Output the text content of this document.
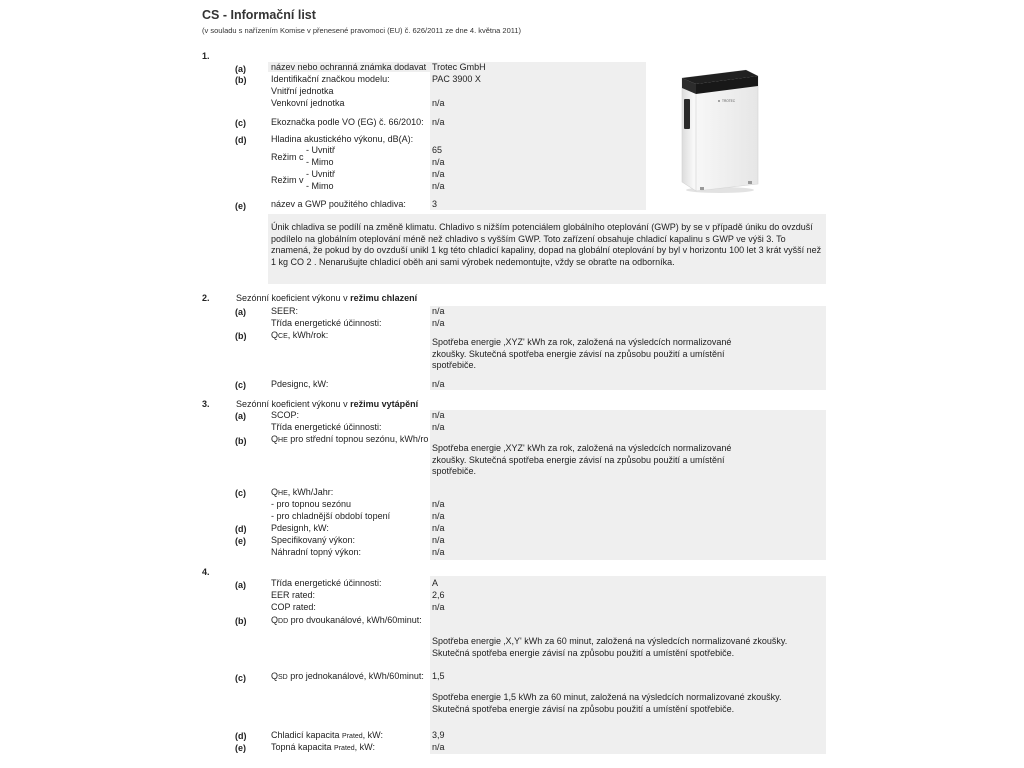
CS - Informační list
(v souladu s nařízením Komise v přenesené pravomoci (EU) č. 626/2011 ze dne 4. května 2011)
1.
(a)	název nebo ochranná známka dodavat Trotec GmbH
(b)	Identifikační značkou modelu:	PAC 3900 X
Vnitřní jednotka
Venkovní jednotka	n/a
(c)	Ekoznačka podle VO (EG) č. 66/2010: n/a
(d)	Hladina akustického výkonu, dB(A):
Režim c
- Uvnitř	65
- Mimo	n/a
Režim v
- Uvnitř	n/a
- Mimo	n/a
(e)	název a GWP použitého chladiva:	3
Únik chladiva se podílí na změně klimatu. Chladivo s nižším potenciálem globálního oteplování (GWP) by se v případě úniku do ovzduší podílelo na globálním oteplování méně než chladivo s vyšším GWP. Toto zařízení obsahuje chladicí kapalinu s GWP ve výši 3. To znamená, že pokud by do ovzduší unikl 1 kg této chladicí kapaliny, dopad na globální oteplování by byl v horizontu 100 let 3 krát vyšší než 1 kg CO 2 . Nenarušujte chladicí oběh ani sami výrobek nedemontujte, vždy se obraťte na odborníka.
TROTEC
2.	Sezónní koeficient výkonu v režimu chlazení
(a)	SEER:	n/a
Třída energetické účinnosti:	n/a
(b)	QCE, kWh/rok:
Spotřeba energie ‚XYZ' kWh za rok, založená na výsledcích normalizované zkoušky. Skutečná spotřeba energie závisí na způsobu použití a umístění spotřebiče.
(c)	Pdesignc, kW:	n/a
3.	Sezónní koeficient výkonu v režimu vytápění
(a)	SCOP:	n/a
Třída energetické účinnosti:	n/a
(b)	QHE pro střední topnou sezónu, kWh/ro
Spotřeba energie ‚XYZ' kWh za rok, založená na výsledcích normalizované zkoušky. Skutečná spotřeba energie závisí na způsobu použití a umístění spotřebiče.
(c)	QHE, kWh/Jahr:
- pro topnou sezónu	n/a
- pro chladnější období topení	n/a
(d)	Pdesignh, kW:	n/a
(e)	Specifikovaný výkon:	n/a
Náhradní topný výkon:	n/a
4.
(a)	Třída energetické účinnosti:	A
EER rated:	2,6
COP rated:	n/a
(b)	QDD pro dvoukanálové, kWh/60minut:
Spotřeba energie ‚X,Y' kWh za 60 minut, založená na výsledcích normalizované zkoušky. Skutečná spotřeba energie závisí na způsobu použití a umístění spotřebiče.
(c)	QSD pro jednokanálové, kWh/60minut: 1,5
Spotřeba energie 1,5 kWh za 60 minut, založená na výsledcích normalizované zkoušky. Skutečná spotřeba energie závisí na způsobu použití a umístění spotřebiče.
(d)	Chladicí kapacita Prated, kW:	3,9
(e)	Topná kapacita Prated, kW:	n/a
